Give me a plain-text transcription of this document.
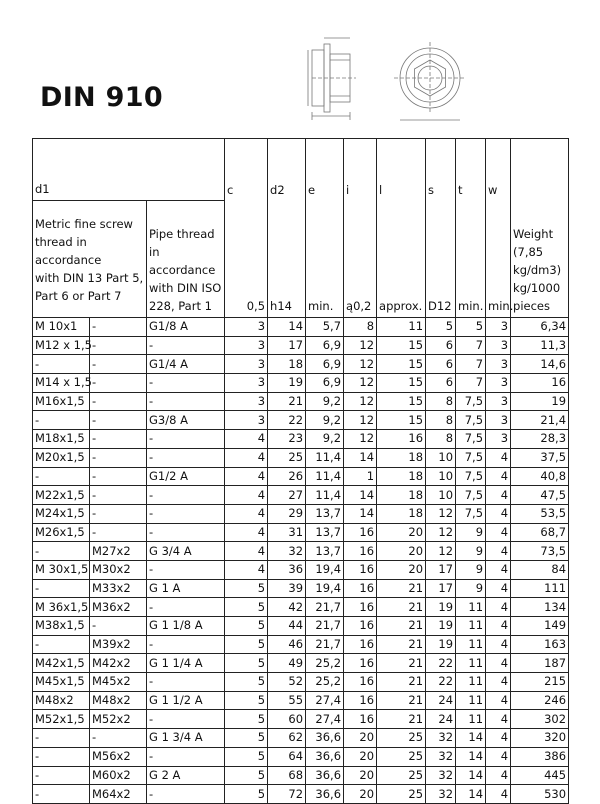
DIN 910
d1			c	d2	e	i	l	s	t	w	

Metric fine screw thread in accordance
with DIN 13 Part 5, Part 6 or Part 7		Pipe thread in accordance with DIN ISO 228, Part 1	0,5	h14	min.	ą0,2	approx.	D12	min.	min.	Weight (7,85 kg/dm3) kg/1000 pieces
M 10x1	-	G1/8 A	3	14	5,7	8	11	5	5	3	6,34
M12 x 1,5	-	-	3	17	6,9	12	15	6	7	3	11,3
-	-	G1/4 A	3	18	6,9	12	15	6	7	3	14,6
M14 x 1,5	-	-	3	19	6,9	12	15	6	7	3	16
M16x1,5	-	-	3	21	9,2	12	15	8	7,5	3	19
-	-	G3/8 A	3	22	9,2	12	15	8	7,5	3	21,4
M18x1,5	-	-	4	23	9,2	12	16	8	7,5	3	28,3
M20x1,5	-	-	4	25	11,4	14	18	10	7,5	4	37,5
-	-	G1/2 A	4	26	11,4	1	18	10	7,5	4	40,8
M22x1,5	-	-	4	27	11,4	14	18	10	7,5	4	47,5
M24x1,5	-	-	4	29	13,7	14	18	12	7,5	4	53,5
M26x1,5	-	-	4	31	13,7	16	20	12	9	4	68,7
-	M27x2	G 3/4 A	4	32	13,7	16	20	12	9	4	73,5
M 30x1,5	M30x2	-	4	36	19,4	16	20	17	9	4	84
-	M33x2	G 1 A	5	39	19,4	16	21	17	9	4	111
M 36x1,5	M36x2	-	5	42	21,7	16	21	19	11	4	134
M38x1,5	-	G 1 1/8 A	5	44	21,7	16	21	19	11	4	149
-	M39x2	-	5	46	21,7	16	21	19	11	4	163
M42x1,5	M42x2	G 1 1/4 A	5	49	25,2	16	21	22	11	4	187
M45x1,5	M45x2	-	5	52	25,2	16	21	22	11	4	215
M48x2	M48x2	G 1 1/2 A	5	55	27,4	16	21	24	11	4	246
M52x1,5	M52x2	-	5	60	27,4	16	21	24	11	4	302
-	-	G 1 3/4 A	5	62	36,6	20	25	32	14	4	320
-	M56x2	-	5	64	36,6	20	25	32	14	4	386
-	M60x2	G 2 A	5	68	36,6	20	25	32	14	4	445
-	M64x2	-	5	72	36,6	20	25	32	14	4	530
